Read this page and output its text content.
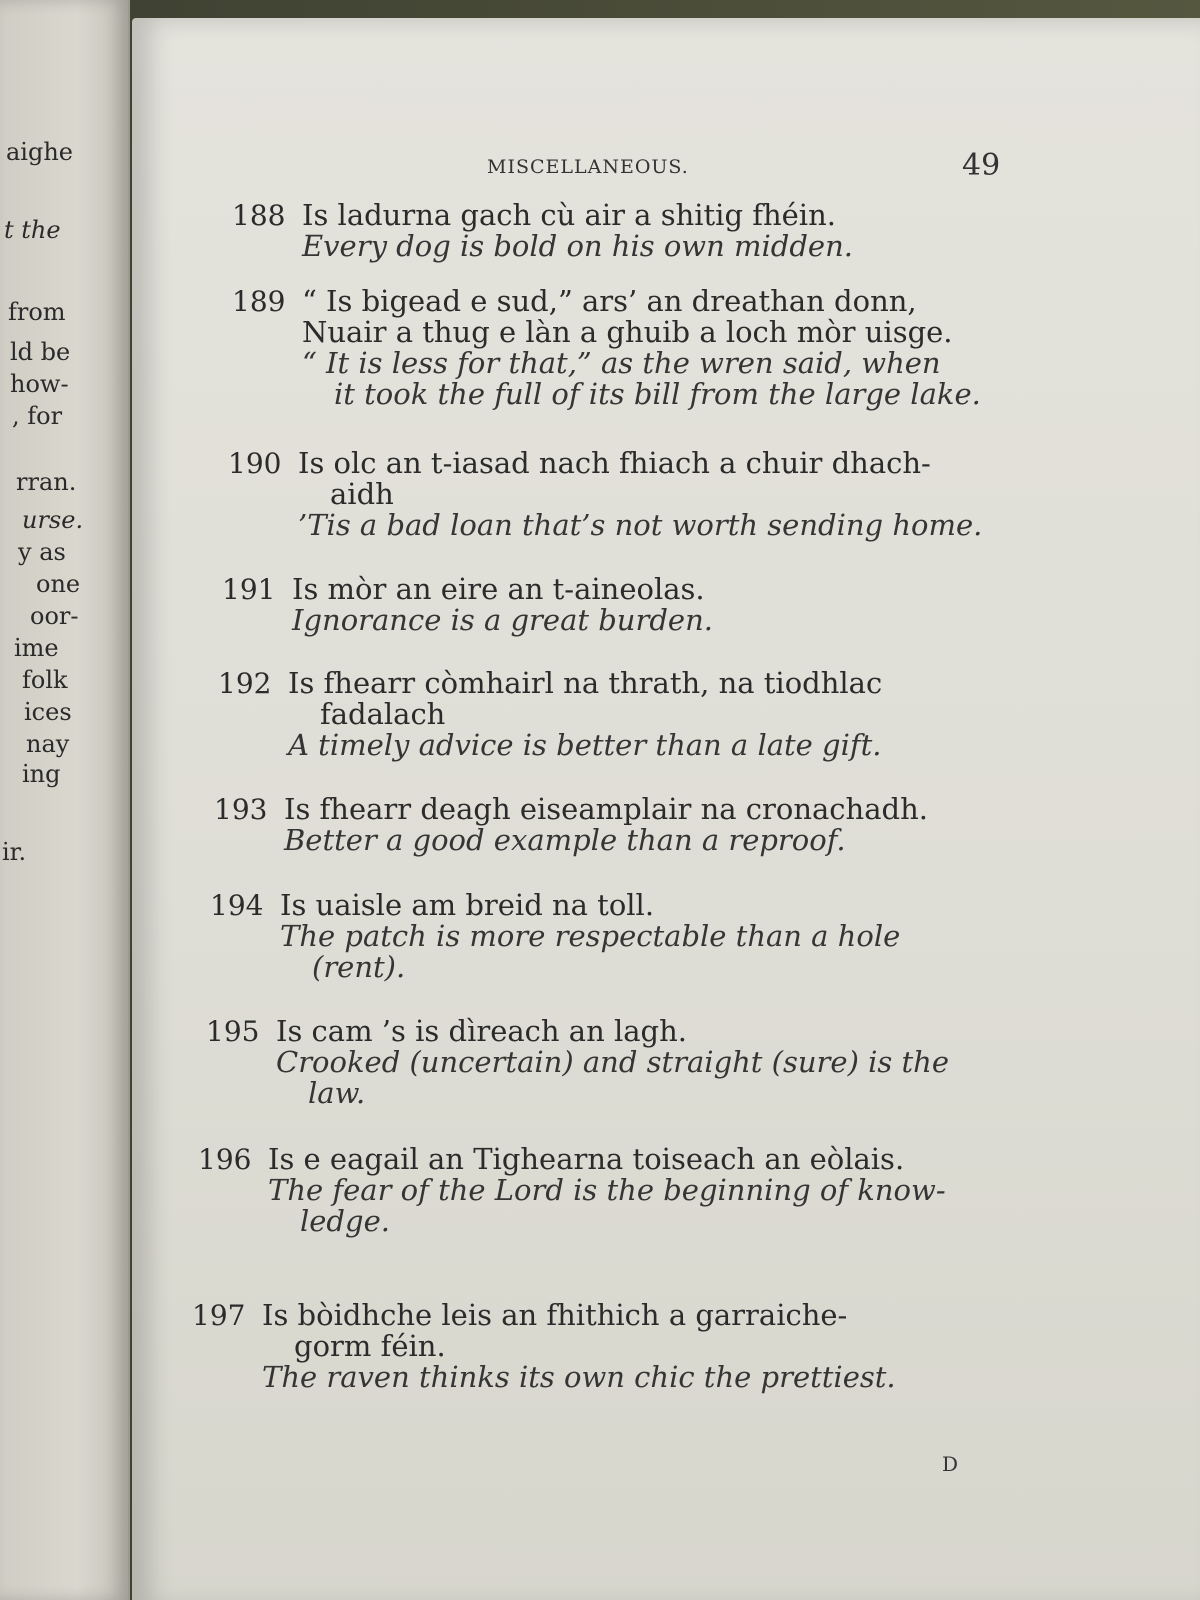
aighe
t the
from
ld be
how-
, for
rran.
urse.
y as
one
oor-
ime
folk
ices
nay
ing
ir.
MISCELLANEOUS.	49
188 Is ladurna gach cù air a shitig fhéin.
Every dog is bold on his own midden.
189 “ Is bigead e sud,” ars’ an dreathan donn,
Nuair a thug e làn a ghuib a loch mòr uisge.
“ It is less for that,” as the wren said, when
it took the full of its bill from the large lake.
190 Is olc an t-iasad nach fhiach a chuir dhach-
aidh
’Tis a bad loan that’s not worth sending home.
191 Is mòr an eire an t-aineolas.
Ignorance is a great burden.
192 Is fhearr còmhairl na thrath, na tiodhlac
fadalach
A timely advice is better than a late gift.
193 Is fhearr deagh eiseamplair na cronachadh.
Better a good example than a reproof.
194 Is uaisle am breid na toll.
The patch is more respectable than a hole
(rent).
195 Is cam ’s is dìreach an lagh.
Crooked (uncertain) and straight (sure) is the
law.
196 Is e eagail an Tighearna toiseach an eòlais.
The fear of the Lord is the beginning of know-
ledge.
197 Is bòidhche leis an fhithich a garraiche-
gorm féin.
The raven thinks its own chic the prettiest.
D
